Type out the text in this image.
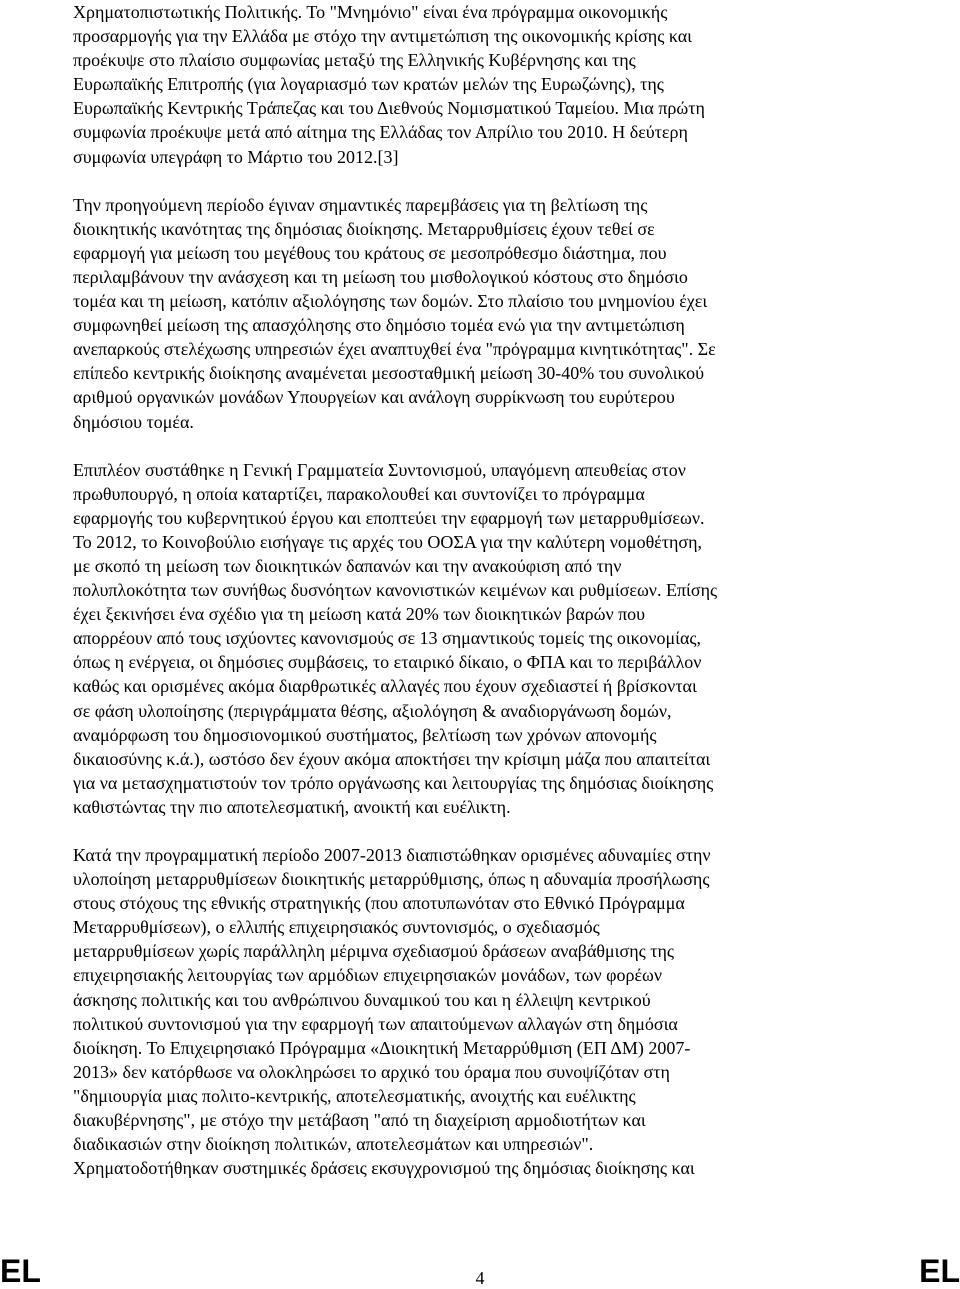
Χρηματοπιστωτικής Πολιτικής. Το "Μνημόνιο" είναι ένα πρόγραμμα οικονομικής
προσαρμογής για την Ελλάδα με στόχο την αντιμετώπιση της οικονομικής κρίσης και
προέκυψε στο πλαίσιο συμφωνίας μεταξύ της Ελληνικής Κυβέρνησης και της
Ευρωπαϊκής Επιτροπής (για λογαριασμό των κρατών μελών της Ευρωζώνης), της
Ευρωπαϊκής Κεντρικής Τράπεζας και του Διεθνούς Νομισματικού Ταμείου. Μια πρώτη
συμφωνία προέκυψε μετά από αίτημα της Ελλάδας τον Απρίλιο του 2010. Η δεύτερη
συμφωνία υπεγράφη το Μάρτιο του 2012.[3]
Την προηγούμενη περίοδο έγιναν σημαντικές παρεμβάσεις για τη βελτίωση της
διοικητικής ικανότητας της δημόσιας διοίκησης. Μεταρρυθμίσεις έχουν τεθεί σε
εφαρμογή για μείωση του μεγέθους του κράτους σε μεσοπρόθεσμο διάστημα, που
περιλαμβάνουν την ανάσχεση και τη μείωση του μισθολογικού κόστους στο δημόσιο
τομέα και τη μείωση, κατόπιν αξιολόγησης των δομών. Στο πλαίσιο του μνημονίου έχει
συμφωνηθεί μείωση της απασχόλησης στο δημόσιο τομέα ενώ για την αντιμετώπιση
ανεπαρκούς στελέχωσης υπηρεσιών έχει αναπτυχθεί ένα "πρόγραμμα κινητικότητας". Σε
επίπεδο κεντρικής διοίκησης αναμένεται μεσοσταθμική μείωση 30-40% του συνολικού
αριθμού οργανικών μονάδων Υπουργείων και ανάλογη συρρίκνωση του ευρύτερου
δημόσιου τομέα.
Επιπλέον συστάθηκε η Γενική Γραμματεία Συντονισμού, υπαγόμενη απευθείας στον
πρωθυπουργό, η οποία καταρτίζει, παρακολουθεί και συντονίζει το πρόγραμμα
εφαρμογής του κυβερνητικού έργου και εποπτεύει την εφαρμογή των μεταρρυθμίσεων.
Το 2012, το Κοινοβούλιο εισήγαγε τις αρχές του ΟΟΣΑ για την καλύτερη νομοθέτηση,
με σκοπό τη μείωση των διοικητικών δαπανών και την ανακούφιση από την
πολυπλοκότητα των συνήθως δυσνόητων κανονιστικών κειμένων και ρυθμίσεων. Επίσης
έχει ξεκινήσει ένα σχέδιο για τη μείωση κατά 20% των διοικητικών βαρών που
απορρέουν από τους ισχύοντες κανονισμούς σε 13 σημαντικούς τομείς της οικονομίας,
όπως η ενέργεια, οι δημόσιες συμβάσεις, το εταιρικό δίκαιο, ο ΦΠΑ και το περιβάλλον
καθώς και ορισμένες ακόμα διαρθρωτικές αλλαγές που έχουν σχεδιαστεί ή βρίσκονται
σε φάση υλοποίησης (περιγράμματα θέσης, αξιολόγηση & αναδιοργάνωση δομών,
αναμόρφωση του δημοσιονομικού συστήματος, βελτίωση των χρόνων απονομής
δικαιοσύνης κ.ά.), ωστόσο δεν έχουν ακόμα αποκτήσει την κρίσιμη μάζα που απαιτείται
για να μετασχηματιστούν τον τρόπο οργάνωσης και λειτουργίας της δημόσιας διοίκησης
καθιστώντας την πιο αποτελεσματική, ανοικτή και ευέλικτη.
Κατά την προγραμματική περίοδο 2007-2013 διαπιστώθηκαν ορισμένες αδυναμίες στην
υλοποίηση μεταρρυθμίσεων διοικητικής μεταρρύθμισης, όπως η αδυναμία προσήλωσης
στους στόχους της εθνικής στρατηγικής (που αποτυπωνόταν στο Εθνικό Πρόγραμμα
Μεταρρυθμίσεων), ο ελλιπής επιχειρησιακός συντονισμός, ο σχεδιασμός
μεταρρυθμίσεων χωρίς παράλληλη μέριμνα σχεδιασμού δράσεων αναβάθμισης της
επιχειρησιακής λειτουργίας των αρμόδιων επιχειρησιακών μονάδων, των φορέων
άσκησης πολιτικής και του ανθρώπινου δυναμικού του και η έλλειψη κεντρικού
πολιτικού συντονισμού για την εφαρμογή των απαιτούμενων αλλαγών στη δημόσια
διοίκηση. Το Επιχειρησιακό Πρόγραμμα «Διοικητική Μεταρρύθμιση (ΕΠ ΔΜ) 2007-
2013» δεν κατόρθωσε να ολοκληρώσει το αρχικό του όραμα που συνοψίζόταν στη
"δημιουργία μιας πολιτο-κεντρικής, αποτελεσματικής, ανοιχτής και ευέλικτης
διακυβέρνησης", με στόχο την μετάβαση "από τη διαχείριση αρμοδιοτήτων και
διαδικασιών στην διοίκηση πολιτικών, αποτελεσμάτων και υπηρεσιών".
Χρηματοδοτήθηκαν συστημικές δράσεις εκσυγχρονισμού της δημόσιας διοίκησης και
EL	4	EL
